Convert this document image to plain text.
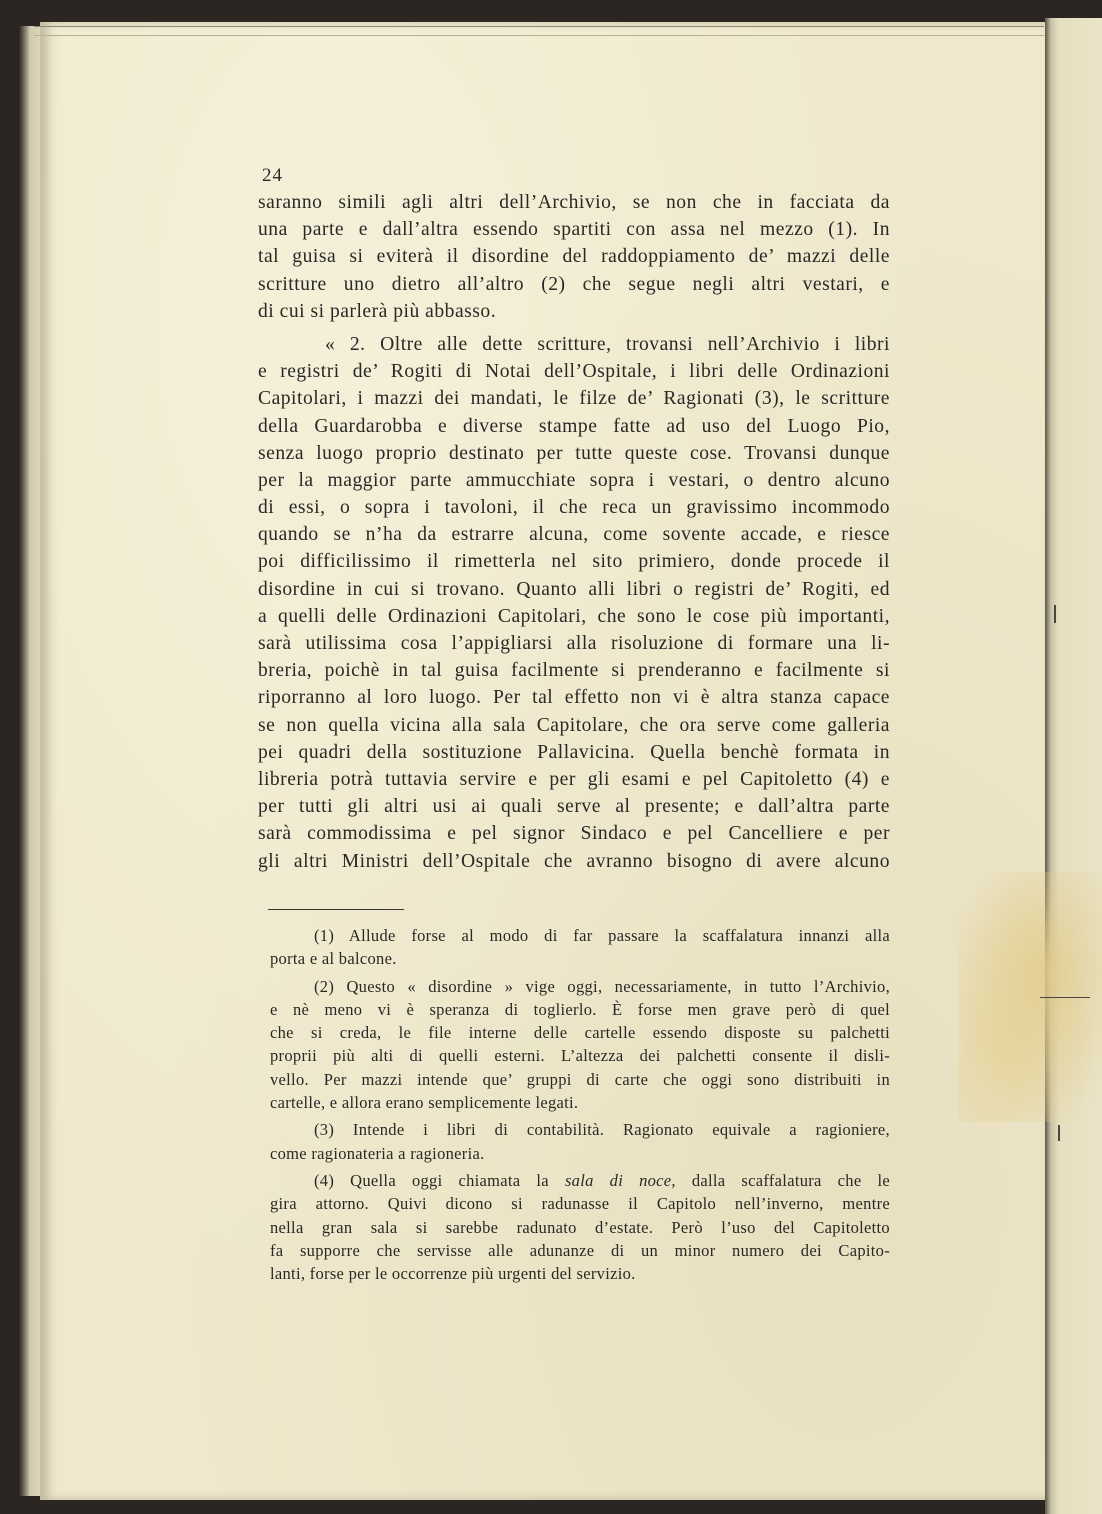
24
saranno simili agli altri dell’Archivio, se non che in facciata da
una parte e dall’altra essendo spartiti con assa nel mezzo (1). In
tal guisa si eviterà il disordine del raddoppiamento de’ mazzi delle
scritture uno dietro all’altro (2) che segue negli altri vestari, e
di cui si parlerà più abbasso.
« 2. Oltre alle dette scritture, trovansi nell’Archivio i libri
e registri de’ Rogiti di Notai dell’Ospitale, i libri delle Ordinazioni
Capitolari, i mazzi dei mandati, le filze de’ Ragionati (3), le scritture
della Guardarobba e diverse stampe fatte ad uso del Luogo Pio,
senza luogo proprio destinato per tutte queste cose. Trovansi dunque
per la maggior parte ammucchiate sopra i vestari, o dentro alcuno
di essi, o sopra i tavoloni, il che reca un gravissimo incommodo
quando se n’ha da estrarre alcuna, come sovente accade, e riesce
poi difficilissimo il rimetterla nel sito primiero, donde procede il
disordine in cui si trovano. Quanto alli libri o registri de’ Rogiti, ed
a quelli delle Ordinazioni Capitolari, che sono le cose più importanti,
sarà utilissima cosa l’appigliarsi alla risoluzione di formare una li-
breria, poichè in tal guisa facilmente si prenderanno e facilmente si
riporranno al loro luogo. Per tal effetto non vi è altra stanza capace
se non quella vicina alla sala Capitolare, che ora serve come galleria
pei quadri della sostituzione Pallavicina. Quella benchè formata in
libreria potrà tuttavia servire e per gli esami e pel Capitoletto (4) e
per tutti gli altri usi ai quali serve al presente; e dall’altra parte
sarà commodissima e pel signor Sindaco e pel Cancelliere e per
gli altri Ministri dell’Ospitale che avranno bisogno di avere alcuno
(1) Allude forse al modo di far passare la scaffalatura innanzi alla
porta e al balcone.
(2) Questo « disordine » vige oggi, necessariamente, in tutto l’Archivio,
e nè meno vi è speranza di toglierlo. È forse men grave però di quel
che si creda, le file interne delle cartelle essendo disposte su palchetti
proprii più alti di quelli esterni. L’altezza dei palchetti consente il disli-
vello. Per mazzi intende que’ gruppi di carte che oggi sono distribuiti in
cartelle, e allora erano semplicemente legati.
(3) Intende i libri di contabilità. Ragionato equivale a ragioniere,
come ragionateria a ragioneria.
(4) Quella oggi chiamata la sala di noce, dalla scaffalatura che le
gira attorno. Quivi dicono si radunasse il Capitolo nell’inverno, mentre
nella gran sala si sarebbe radunato d’estate. Però l’uso del Capitoletto
fa supporre che servisse alle adunanze di un minor numero dei Capito-
lanti, forse per le occorrenze più urgenti del servizio.
